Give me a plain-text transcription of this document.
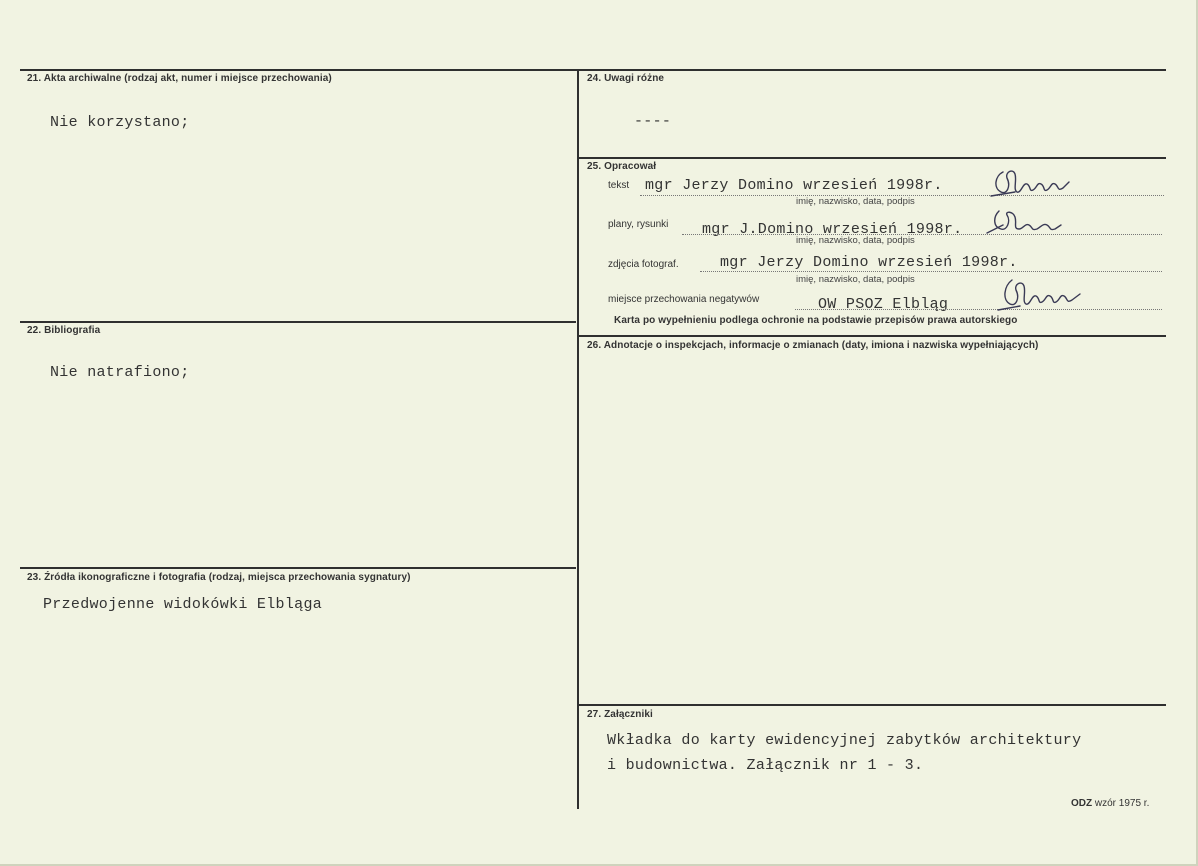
21. Akta archiwalne (rodzaj akt, numer i miejsce przechowania)
Nie korzystano;
22. Bibliografia
Nie natrafiono;
23. Źródła ikonograficzne i fotografia (rodzaj, miejsca przechowania sygnatury)
Przedwojenne widokówki Elbląga
24. Uwagi różne
----
25. Opracował
tekst mgr Jerzy Domino wrzesień 1998r.
imię, nazwisko, data, podpis
plany, rysunki mgr J.Domino wrzesień 1998r.
imię, nazwisko, data, podpis
zdjęcia fotograf.	mgr Jerzy Domino wrzesień 1998r.
imię, nazwisko, data, podpis
miejsce przechowania negatywów	OW PSOZ Elbląg
Karta po wypełnieniu podlega ochronie na podstawie przepisów prawa autorskiego
26. Adnotacje o inspekcjach, informacje o zmianach (daty, imiona i nazwiska wypełniających)
27. Załączniki
Wkładka do karty ewidencyjnej zabytków architektury
i budownictwa. Załącznik nr 1 - 3.
ODZ wzór 1975 r.
